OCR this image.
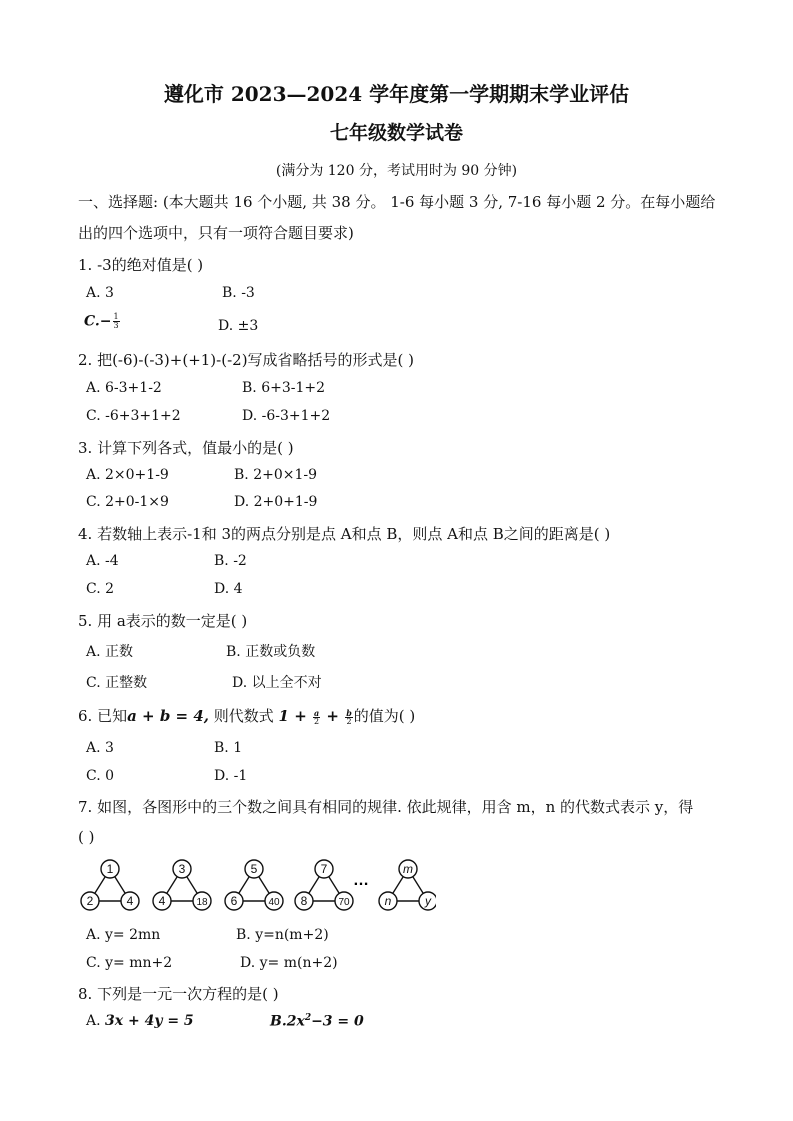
遵化市 2023—2024 学年度第一学期期末学业评估
七年级数学试卷
(满分为 120 分，考试用时为 90 分钟)
一、选择题: (本大题共 16 个小题, 共 38 分。 1-6 每小题 3 分, 7-16 每小题 2 分。在每小题给
出的四个选项中，只有一项符合题目要求)
1. -3的绝对值是( )
A. 3	B. -3
$C.- \frac{1}{3}$	D. ±3
2. 把(-6)-(-3)+(+1)-(-2)写成省略括号的形式是( )
A. 6-3+1-2	B. 6+3-1+2
C. -6+3+1+2	D. -6-3+1+2
3. 计算下列各式，值最小的是( )
A. 2×0+1-9	B. 2+0×1-9
C. 2+0-1×9	D. 2+0+1-9
4. 若数轴上表示-1和 3的两点分别是点 A和点 B，则点 A和点 B之间的距离是( )
A. -4	B. -2
C. 2	D. 4
5. 用 a表示的数一定是( )
A. 正数	B. 正数或负数
C. 正整数	D. 以上全不对
6. 已知a + b = 4, 则代数式 $1 + \frac{a}{2} + \frac{b}{2}$ 的值为( )
A. 3	B. 1
C. 0	D. -1
7. 如图，各图形中的三个数之间具有相同的规律. 依此规律，用含 m，n 的代数式表示 y，得
( )
1
2	4
3
4	18
5
6	40
7
8	70
m
n	y
…
A. y= 2mn	B. y=n(m+2)
C. y= mn+2	D. y= m(n+2)
8. 下列是一元一次方程的是( )
A. 3x + 4y = 5	$B.2x^2-3 = 0$
